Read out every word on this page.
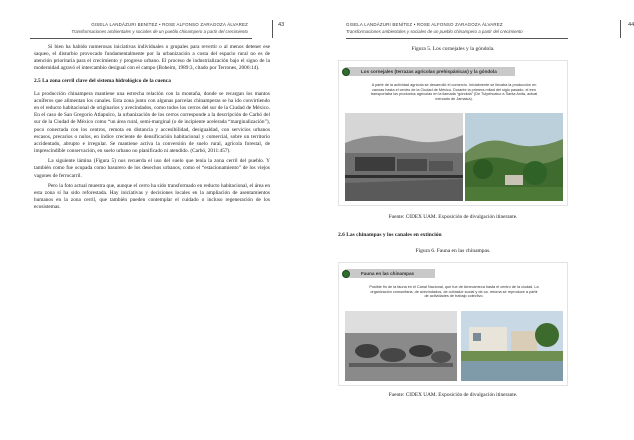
GISELA LANDÁZURI BENÍTEZ • ROSE ALFONSO ZARAGOZA ÁLVAREZ
Transformaciones ambientales y sociales de un pueblo chinampero a partir del crecimiento
43

Si bien ha habido numerosas iniciativas individuales o grupales para revertir o al menos detener ese saqueo, el disturbio provocado fundamentalmente por la urbanización a costa del espacio rural no es de atención prioritaria para el crecimiento y progreso urbano. El proceso de industrialización bajo el signo de la modernidad agravó el intercambio desigual con el campo (Boheim, 1989:3, citado por Terrones, 2006:14).

2.5 La zona cerril clave del sistema hidrológico de la cuenca

La producción chinampera mantiene una estrecha relación con la montaña, donde se recargan los mantos acuíferos que alimentan los canales. Esta zona junto con algunas parcelas chinamperas se ha ido convirtiendo en el reducto habitacional de originarios y avecindados, como todos los cerros del sur de la Ciudad de México. En el caso de San Gregorio Atlapulco, la urbanización de los cerros corresponde a la descripción de Carbó del sur de la Ciudad de México como “un área rural, semi-marginal (o de incipiente acelerada “marginalización”), poco conectada con los centros, remota en distancia y accesibilidad, desigualdad, con servicios urbanos escasos, precarios o nulos, en índice creciente de densificación habitacional y comercial, sobre un territorio accidentado, abrupto e irregular. Se mantiene activa la conversión de suelo rural, agrícola forestal, de imprescindible conservación, en suelo urbano no planificado ni atendido. (Carbó, 2011:457).

La siguiente lámina (Figura 5) nos recuerda el uso del suelo que tenía la zona cerril del pueblo. Y también como fue ocupada como basurero de los desechos urbanos, como el “estacionamiento” de los viejos vagones de ferrocarril.

Pero la foto actual muestra que, aunque el cerro ha sido transformado en reducto habitacional, el área en esta zona sí ha sido reforestada. Hay iniciativas y decisiones locales en la ampliación de asentamientos humanos en la zona cerril, que también pueden contemplar el cuidado o incluso regeneración de los ecosistemas.

GISELA LANDÁZURI BENÍTEZ • ROSE ALFONSO ZARAGOZA ÁLVAREZ
Transformaciones ambientales y sociales de un pueblo chinampero a partir del crecimiento
44
Figura 5. Los cornejales y la góndola.
Los cornejales (terrazas agrícolas prehispánicas) y la góndola
A partir de la actividad agrícola se desarrolló el comercio. Inicialmente se llevaba la producción en canoas hasta el centro de la Ciudad de México. Durante la primera mitad del siglo pasado, el tren transportaba los productos agrícolas en la llamada “góndola” (De Tulyehualco a Santa Anita, actual mercado de Jamaica).
Fuente: CIDEX UAM. Exposición de divulgación itinerante.
2.6 Las chinampas y los canales en extinción
Figura 6. Fauna en las chinampas.
Fauna en las chinampas
Posible fin de la fauna en el Canal Nacional, que fue de Amecameca hasta el centro de la ciudad. La organización comunitaria, de avecindados, de cobrador social y de ca. retoma se reproduce a partir de actividades de trabajo colectivo.
Fuente: CIDEX UAM. Exposición de divulgación itinerante.
